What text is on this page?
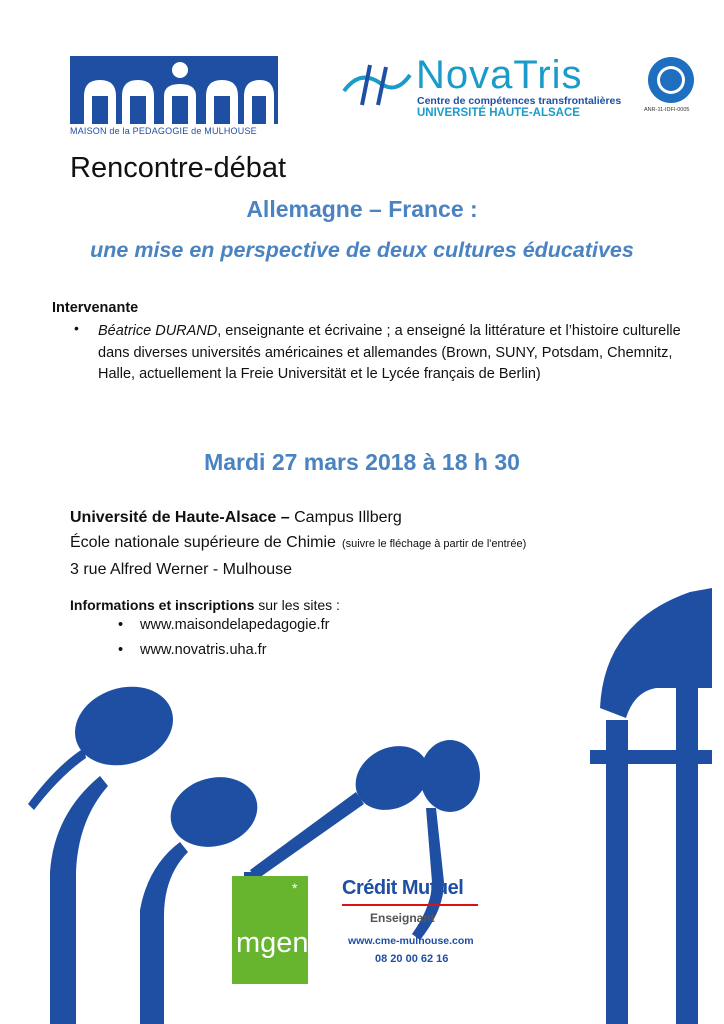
MAISON de la PEDAGOGIE de MULHOUSE
NovaTris
Centre de compétences transfrontalières
UNIVERSITÉ HAUTE-ALSACE	ANR-11-IDFI-0005
Rencontre-débat
Allemagne – France :
une mise en perspective de deux cultures éducatives
Intervenante
• Béatrice DURAND, enseignante et écrivaine ; a enseigné la littérature et l’histoire culturelle dans diverses universités américaines et allemandes (Brown, SUNY, Potsdam, Chemnitz, Halle, actuellement la Freie Universität et le Lycée français de Berlin)
Mardi 27 mars 2018 à 18 h 30
Université de Haute-Alsace – Campus Illberg
École nationale supérieure de Chimie (suivre le fléchage à partir de l'entrée)
3 rue Alfred Werner - Mulhouse
Informations et inscriptions sur les sites :
• www.maisondelapedagogie.fr
• www.novatris.uha.fr
*
mgen
Crédit Mutuel
Enseignant
www.cme-mulhouse.com
08 20 00 62 16
